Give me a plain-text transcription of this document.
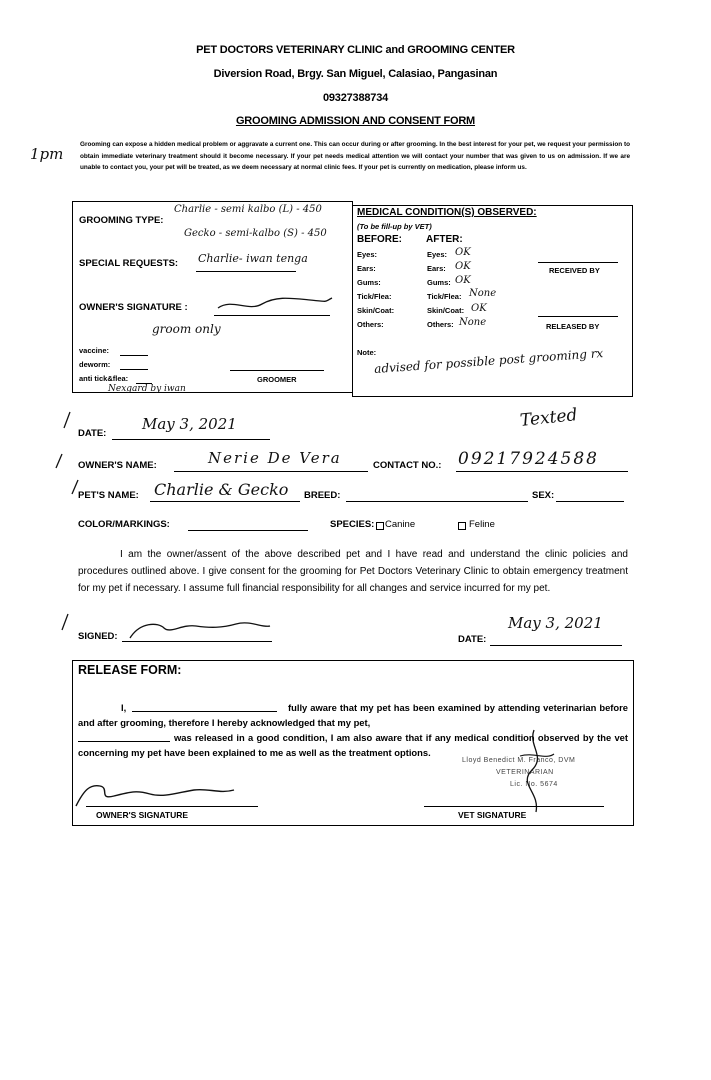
PET DOCTORS VETERINARY CLINIC and GROOMING CENTER
Diversion Road, Brgy. San Miguel, Calasiao, Pangasinan
09327388734
GROOMING ADMISSION AND CONSENT FORM
1pm
Grooming can expose a hidden medical problem or aggravate a current one. This can occur during or after grooming. In the best interest for your pet, we request your permission to obtain immediate veterinary treatment should it become necessary. If your pet needs medical attention we will contact your number that was given to us on admission. If we are unable to contact you, your pet will be treated, as we deem necessary at normal clinic fees. If your pet is currently on medication, please inform us.
GROOMING TYPE:
Charlie - semi kalbo (L) - 450
Gecko - semi-kalbo (S) - 450
SPECIAL REQUESTS: Charlie- iwan tenga
OWNER'S SIGNATURE :
groom only
vaccine:
deworm:
anti tick&flea:
Nexgard by iwan
GROOMER
MEDICAL CONDITION(S) OBSERVED:
(To be fill-up by VET)
BEFORE: AFTER:
Eyes:	Eyes: OK
Ears:	Ears: OK
Gums:	Gums: OK
Tick/Flea:	Tick/Flea: None
Skin/Coat:	Skin/Coat: OK
Others:	Others: None
RECEIVED BY
RELEASED BY
Note:
advised for possible post grooming rx
Texted
DATE:
May 3, 2021
OWNER'S NAME:	Nerie De Vera	CONTACT NO.: 09217924588
PET'S NAME: Charlie & Gecko BREED:	SEX:
COLOR/MARKINGS:	SPECIES: Canine	Feline
I am the owner/assent of the above described pet and I have read and understand the clinic policies and procedures outlined above. I give consent for the grooming for Pet Doctors Veterinary Clinic to obtain emergency treatment for my pet if necessary. I assume full financial responsibility for all changes and service incurred for my pet.
SIGNED:	DATE:
May 3, 2021
RELEASE FORM:
I,	fully aware that my pet has been examined by attending veterinarian before and after grooming, therefore I hereby acknowledged that my pet,
was released in a good condition, I am also aware that if any medical condition observed by the vet concerning my pet have been explained to me as well as the treatment options.
Lloyd Benedict M. Franco, DVM
VETERINARIAN
Lic. No. 5674
OWNER'S SIGNATURE	VET SIGNATURE
